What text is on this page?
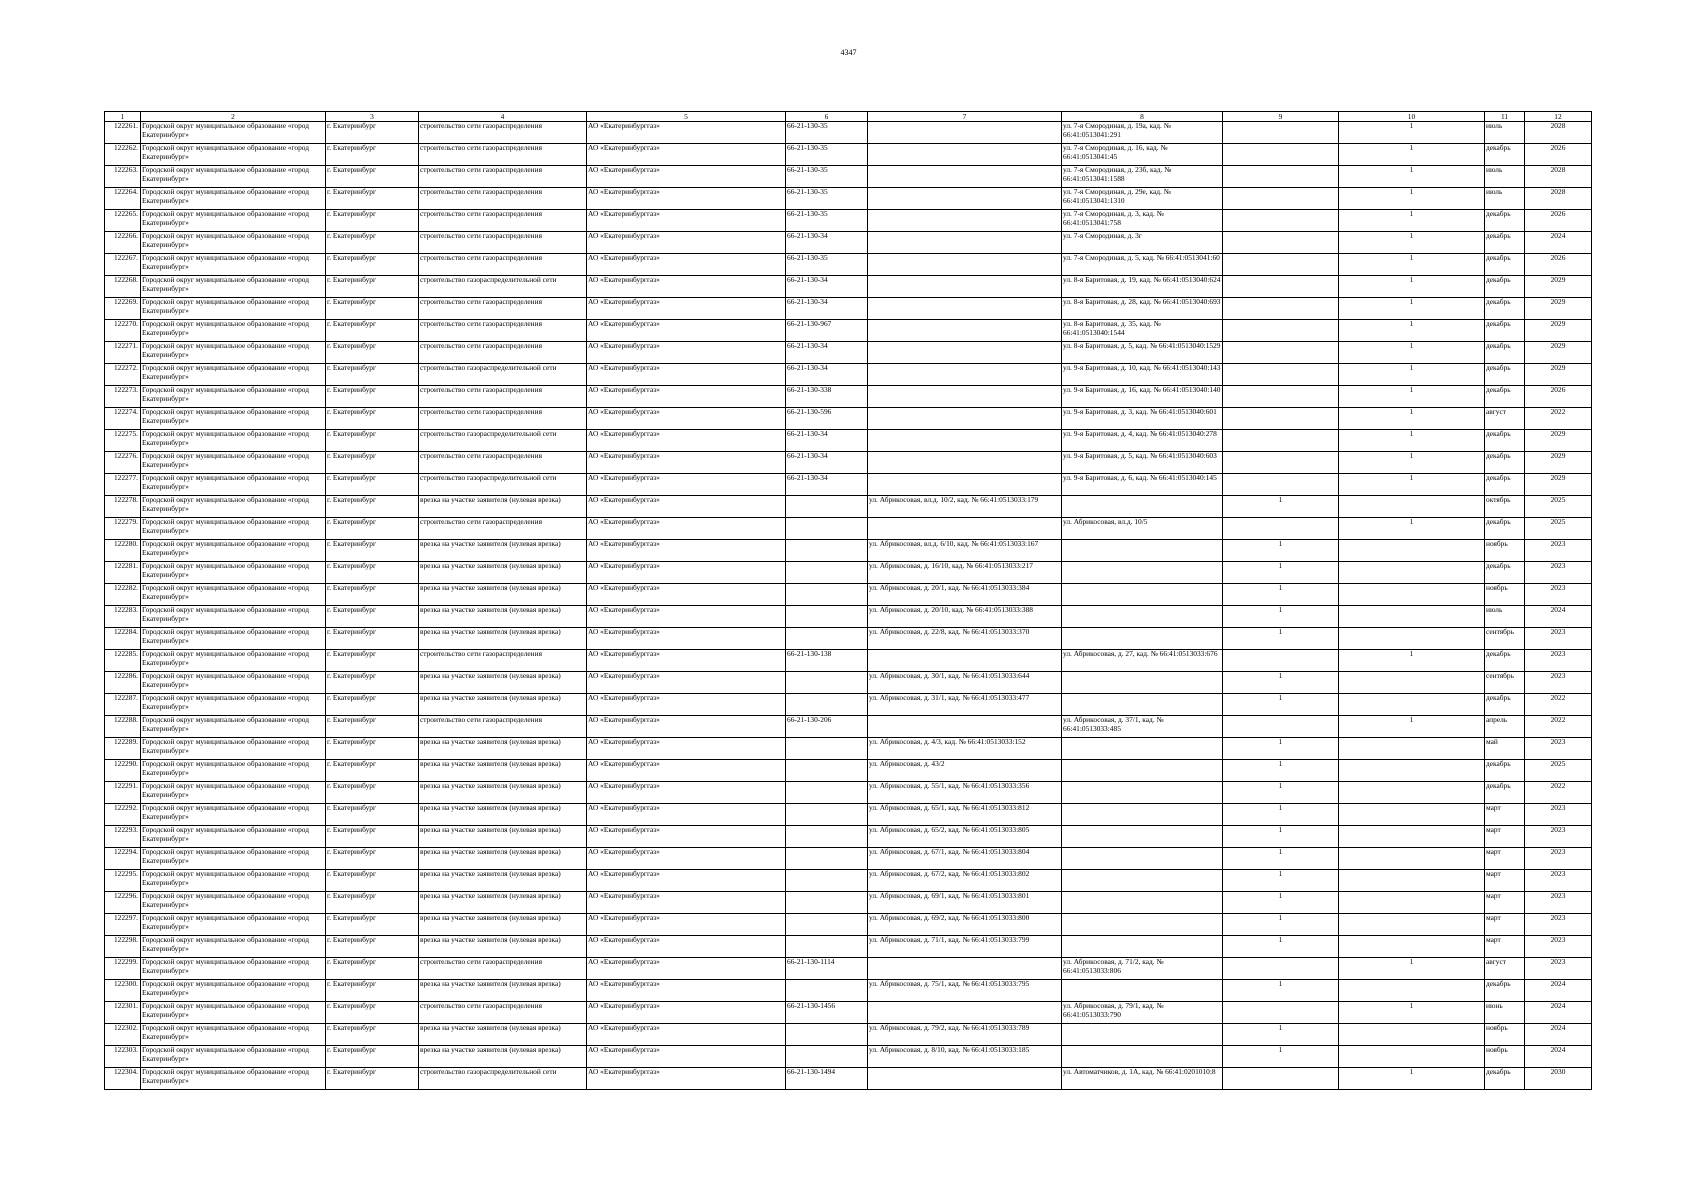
4347
1	2	3	4	5	6	7	8	9	10	11	12
122261.	Городской округ муниципальное образование «город Екатеринбург»	г. Екатеринбург	строительство сети газораспределения	АО «Екатеринбурггаз»	66-21-130-35		ул. 7-я Смородиная, д. 19а, кад. № 66:41:0513041:291		1	июль	2028
122262.	Городской округ муниципальное образование «город Екатеринбург»	г. Екатеринбург	строительство сети газораспределения	АО «Екатеринбурггаз»	66-21-130-35		ул. 7-я Смородиная, д. 16, кад. № 66:41:0513041:45		1	декабрь	2026
122263.	Городской округ муниципальное образование «город Екатеринбург»	г. Екатеринбург	строительство сети газораспределения	АО «Екатеринбурггаз»	66-21-130-35		ул. 7-я Смородиная, д. 23б, кад. № 66:41:0513041:1588		1	июль	2028
122264.	Городской округ муниципальное образование «город Екатеринбург»	г. Екатеринбург	строительство сети газораспределения	АО «Екатеринбурггаз»	66-21-130-35		ул. 7-я Смородиная, д. 29е, кад. № 66:41:0513041:1310		1	июль	2028
122265.	Городской округ муниципальное образование «город Екатеринбург»	г. Екатеринбург	строительство сети газораспределения	АО «Екатеринбурггаз»	66-21-130-35		ул. 7-я Смородиная, д. 3, кад. № 66:41:0513041:758		1	декабрь	2026
122266.	Городской округ муниципальное образование «город Екатеринбург»	г. Екатеринбург	строительство сети газораспределения	АО «Екатеринбурггаз»	66-21-130-34		ул. 7-я Смородиная, д. 3г		1	декабрь	2024
122267.	Городской округ муниципальное образование «город Екатеринбург»	г. Екатеринбург	строительство сети газораспределения	АО «Екатеринбурггаз»	66-21-130-35		ул. 7-я Смородиная, д. 5, кад. № 66:41:0513041:60		1	декабрь	2026
122268.	Городской округ муниципальное образование «город Екатеринбург»	г. Екатеринбург	строительство газораспределительной сети	АО «Екатеринбурггаз»	66-21-130-34		ул. 8-я Баритовая, д. 19, кад. № 66:41:0513040:624		1	декабрь	2029
122269.	Городской округ муниципальное образование «город Екатеринбург»	г. Екатеринбург	строительство сети газораспределения	АО «Екатеринбурггаз»	66-21-130-34		ул. 8-я Баритовая, д. 28, кад. № 66:41:0513040:693		1	декабрь	2029
122270.	Городской округ муниципальное образование «город Екатеринбург»	г. Екатеринбург	строительство сети газораспределения	АО «Екатеринбурггаз»	66-21-130-967		ул. 8-я Баритовая, д. 35, кад. № 66:41:0513040:1544		1	декабрь	2029
122271.	Городской округ муниципальное образование «город Екатеринбург»	г. Екатеринбург	строительство сети газораспределения	АО «Екатеринбурггаз»	66-21-130-34		ул. 8-я Баритовая, д. 5, кад. № 66:41:0513040:1529		1	декабрь	2029
122272.	Городской округ муниципальное образование «город Екатеринбург»	г. Екатеринбург	строительство газораспределительной сети	АО «Екатеринбурггаз»	66-21-130-34		ул. 9-я Баритовая, д. 10, кад. № 66:41:0513040:143		1	декабрь	2029
122273.	Городской округ муниципальное образование «город Екатеринбург»	г. Екатеринбург	строительство сети газораспределения	АО «Екатеринбурггаз»	66-21-130-338		ул. 9-я Баритовая, д. 16, кад. № 66:41:0513040:140		1	декабрь	2026
122274.	Городской округ муниципальное образование «город Екатеринбург»	г. Екатеринбург	строительство сети газораспределения	АО «Екатеринбурггаз»	66-21-130-596		ул. 9-я Баритовая, д. 3, кад. № 66:41:0513040:601		1	август	2022
122275.	Городской округ муниципальное образование «город Екатеринбург»	г. Екатеринбург	строительство газораспределительной сети	АО «Екатеринбурггаз»	66-21-130-34		ул. 9-я Баритовая, д. 4, кад. № 66:41:0513040:278		1	декабрь	2029
122276.	Городской округ муниципальное образование «город Екатеринбург»	г. Екатеринбург	строительство сети газораспределения	АО «Екатеринбурггаз»	66-21-130-34		ул. 9-я Баритовая, д. 5, кад. № 66:41:0513040:603		1	декабрь	2029
122277.	Городской округ муниципальное образование «город Екатеринбург»	г. Екатеринбург	строительство газораспределительной сети	АО «Екатеринбурггаз»	66-21-130-34		ул. 9-я Баритовая, д. 6, кад. № 66:41:0513040:145		1	декабрь	2029
122278.	Городской округ муниципальное образование «город Екатеринбург»	г. Екатеринбург	врезка на участке заявителя (нулевая врезка)	АО «Екатеринбурггаз»		ул. Абрикосовая, вл.д. 10/2, кад. № 66:41:0513033:179		1		октябрь	2025
122279.	Городской округ муниципальное образование «город Екатеринбург»	г. Екатеринбург	строительство сети газораспределения	АО «Екатеринбурггаз»			ул. Абрикосовая, вл.д. 10/5		1	декабрь	2025
122280.	Городской округ муниципальное образование «город Екатеринбург»	г. Екатеринбург	врезка на участке заявителя (нулевая врезка)	АО «Екатеринбурггаз»		ул. Абрикосовая, вл.д. 6/10, кад. № 66:41:0513033:167		1		ноябрь	2023
122281.	Городской округ муниципальное образование «город Екатеринбург»	г. Екатеринбург	врезка на участке заявителя (нулевая врезка)	АО «Екатеринбурггаз»		ул. Абрикосовая, д. 16/10, кад. № 66:41:0513033:217		1		декабрь	2023
122282.	Городской округ муниципальное образование «город Екатеринбург»	г. Екатеринбург	врезка на участке заявителя (нулевая врезка)	АО «Екатеринбурггаз»		ул. Абрикосовая, д. 20/1, кад. № 66:41:0513033:384		1		ноябрь	2023
122283.	Городской округ муниципальное образование «город Екатеринбург»	г. Екатеринбург	врезка на участке заявителя (нулевая врезка)	АО «Екатеринбурггаз»		ул. Абрикосовая, д. 20/10, кад. № 66:41:0513033:388		1		июль	2024
122284.	Городской округ муниципальное образование «город Екатеринбург»	г. Екатеринбург	врезка на участке заявителя (нулевая врезка)	АО «Екатеринбурггаз»		ул. Абрикосовая, д. 22/8, кад. № 66:41:0513033:370		1		сентябрь	2023
122285.	Городской округ муниципальное образование «город Екатеринбург»	г. Екатеринбург	строительство сети газораспределения	АО «Екатеринбурггаз»	66-21-130-138		ул. Абрикосовая, д. 27, кад. № 66:41:0513033:676		1	декабрь	2023
122286.	Городской округ муниципальное образование «город Екатеринбург»	г. Екатеринбург	врезка на участке заявителя (нулевая врезка)	АО «Екатеринбурггаз»		ул. Абрикосовая, д. 30/1, кад. № 66:41:0513033:644		1		сентябрь	2023
122287.	Городской округ муниципальное образование «город Екатеринбург»	г. Екатеринбург	врезка на участке заявителя (нулевая врезка)	АО «Екатеринбурггаз»		ул. Абрикосовая, д. 31/1, кад. № 66:41:0513033:477		1		декабрь	2022
122288.	Городской округ муниципальное образование «город Екатеринбург»	г. Екатеринбург	строительство сети газораспределения	АО «Екатеринбурггаз»	66-21-130-206		ул. Абрикосовая, д. 37/1, кад. № 66:41:0513033:485		1	апрель	2022
122289.	Городской округ муниципальное образование «город Екатеринбург»	г. Екатеринбург	врезка на участке заявителя (нулевая врезка)	АО «Екатеринбурггаз»		ул. Абрикосовая, д. 4/3, кад. № 66:41:0513033:152		1		май	2023
122290.	Городской округ муниципальное образование «город Екатеринбург»	г. Екатеринбург	врезка на участке заявителя (нулевая врезка)	АО «Екатеринбурггаз»		ул. Абрикосовая, д. 43/2		1		декабрь	2025
122291.	Городской округ муниципальное образование «город Екатеринбург»	г. Екатеринбург	врезка на участке заявителя (нулевая врезка)	АО «Екатеринбурггаз»		ул. Абрикосовая, д. 55/1, кад. № 66:41:0513033:356		1		декабрь	2022
122292.	Городской округ муниципальное образование «город Екатеринбург»	г. Екатеринбург	врезка на участке заявителя (нулевая врезка)	АО «Екатеринбурггаз»		ул. Абрикосовая, д. 65/1, кад. № 66:41:0513033:812		1		март	2023
122293.	Городской округ муниципальное образование «город Екатеринбург»	г. Екатеринбург	врезка на участке заявителя (нулевая врезка)	АО «Екатеринбурггаз»		ул. Абрикосовая, д. 65/2, кад. № 66:41:0513033:805		1		март	2023
122294.	Городской округ муниципальное образование «город Екатеринбург»	г. Екатеринбург	врезка на участке заявителя (нулевая врезка)	АО «Екатеринбурггаз»		ул. Абрикосовая, д. 67/1, кад. № 66:41:0513033:804		1		март	2023
122295.	Городской округ муниципальное образование «город Екатеринбург»	г. Екатеринбург	врезка на участке заявителя (нулевая врезка)	АО «Екатеринбурггаз»		ул. Абрикосовая, д. 67/2, кад. № 66:41:0513033:802		1		март	2023
122296.	Городской округ муниципальное образование «город Екатеринбург»	г. Екатеринбург	врезка на участке заявителя (нулевая врезка)	АО «Екатеринбурггаз»		ул. Абрикосовая, д. 69/1, кад. № 66:41:0513033:801		1		март	2023
122297.	Городской округ муниципальное образование «город Екатеринбург»	г. Екатеринбург	врезка на участке заявителя (нулевая врезка)	АО «Екатеринбурггаз»		ул. Абрикосовая, д. 69/2, кад. № 66:41:0513033:800		1		март	2023
122298.	Городской округ муниципальное образование «город Екатеринбург»	г. Екатеринбург	врезка на участке заявителя (нулевая врезка)	АО «Екатеринбурггаз»		ул. Абрикосовая, д. 71/1, кад. № 66:41:0513033:799		1		март	2023
122299.	Городской округ муниципальное образование «город Екатеринбург»	г. Екатеринбург	строительство сети газораспределения	АО «Екатеринбурггаз»	66-21-130-1114		ул. Абрикосовая, д. 71/2, кад. № 66:41:0513033:806		1	август	2023
122300.	Городской округ муниципальное образование «город Екатеринбург»	г. Екатеринбург	врезка на участке заявителя (нулевая врезка)	АО «Екатеринбурггаз»		ул. Абрикосовая, д. 75/1, кад. № 66:41:0513033:795		1		декабрь	2024
122301.	Городской округ муниципальное образование «город Екатеринбург»	г. Екатеринбург	строительство сети газораспределения	АО «Екатеринбурггаз»	66-21-130-1456		ул. Абрикосовая, д. 79/1, кад. № 66:41:0513033:790		1	июнь	2024
122302.	Городской округ муниципальное образование «город Екатеринбург»	г. Екатеринбург	врезка на участке заявителя (нулевая врезка)	АО «Екатеринбурггаз»		ул. Абрикосовая, д. 79/2, кад. № 66:41:0513033:789		1		ноябрь	2024
122303.	Городской округ муниципальное образование «город Екатеринбург»	г. Екатеринбург	врезка на участке заявителя (нулевая врезка)	АО «Екатеринбурггаз»		ул. Абрикосовая, д. 8/10, кад. № 66:41:0513033:185		1		ноябрь	2024
122304.	Городской округ муниципальное образование «город Екатеринбург»	г. Екатеринбург	строительство газораспределительной сети	АО «Екатеринбурггаз»	66-21-130-1494		ул. Автоматчиков, д. 1А, кад. № 66:41:0201010:8		1	декабрь	2030
